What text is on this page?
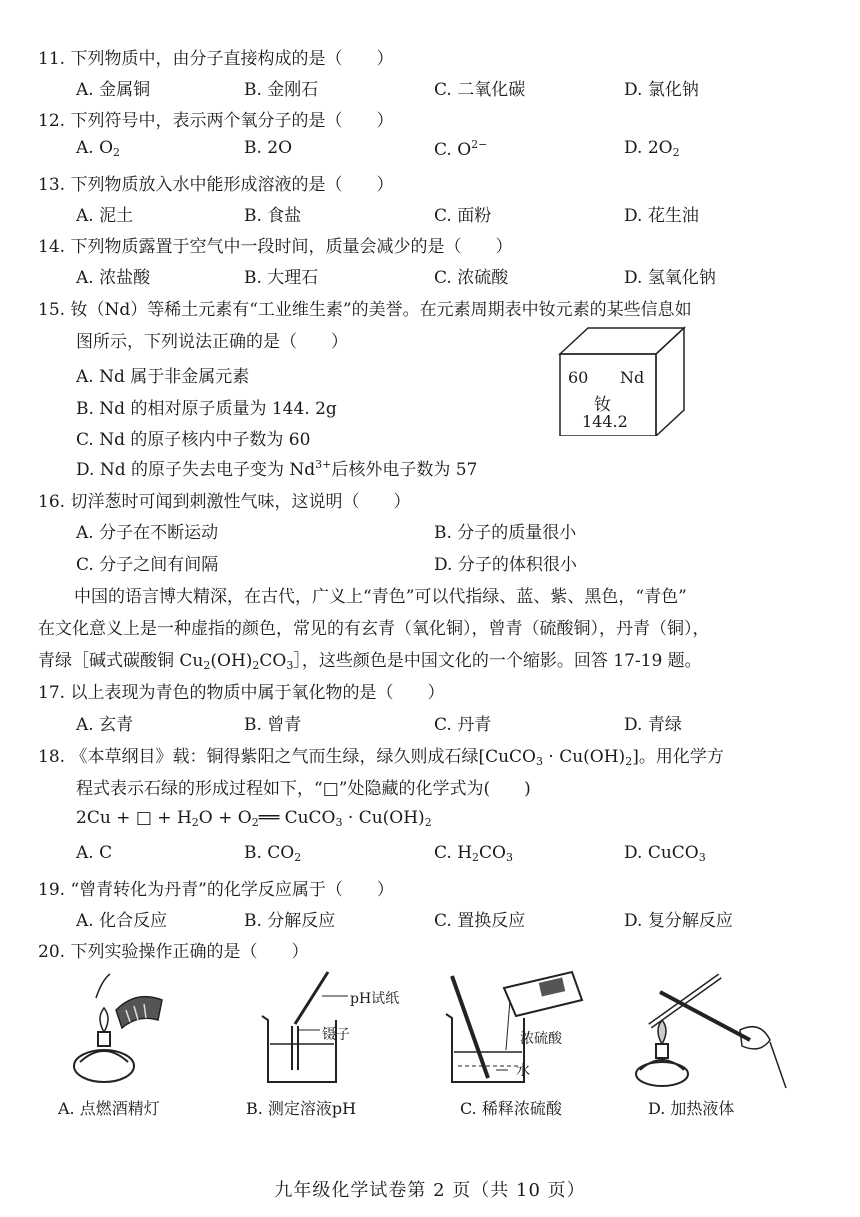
11. 下列物质中，由分子直接构成的是（　　）
A. 金属铜	B. 金刚石	C. 二氧化碳	D. 氯化钠
12. 下列符号中，表示两个氧分子的是（　　）
A. $O_2$	B. 2O	C. $O^{2-}$	D. $2O_2$
13. 下列物质放入水中能形成溶液的是（　　）
A. 泥土	B. 食盐	C. 面粉	D. 花生油
14. 下列物质露置于空气中一段时间，质量会减少的是（　　）
A. 浓盐酸	B. 大理石	C. 浓硫酸	D. 氢氧化钠
15. 钕（Nd）等稀土元素有“工业维生素”的美誉。在元素周期表中钕元素的某些信息如
图所示，下列说法正确的是（　　）
A. Nd 属于非金属元素
B. Nd 的相对原子质量为 144. 2g
C. Nd 的原子核内中子数为 60
D. Nd 的原子失去电子变为 $Nd^{3+}$后核外电子数为 57
60 Nd
钕
144.2
16. 切洋葱时可闻到刺激性气味，这说明（　　）
A. 分子在不断运动	B. 分子的质量很小
C. 分子之间有间隔	D. 分子的体积很小
中国的语言博大精深，在古代，广义上“青色”可以代指绿、蓝、紫、黑色，“青色”
在文化意义上是一种虚指的颜色，常见的有玄青（氧化铜），曾青（硫酸铜），丹青（铜），
青绿［碱式碳酸铜 $Cu_2(OH)_2CO_3]$，这些颜色是中国文化的一个缩影。回答 17-19 题。
17. 以上表现为青色的物质中属于氧化物的是（　　）
A. 玄青	B. 曾青	C. 丹青	D. 青绿
18. 《本草纲目》载：铜得紫阳之气而生绿，绿久则成石绿[CuCO$_3$ · $Cu(OH)_2$]。用化学方
程式表示石绿的形成过程如下，“□”处隐藏的化学式为(　　)
2Cu + □ + $H_2O$ + $O_2══$ CuCO$_3$ · $Cu(OH)_2$
A. C	B. $CO_2$	C. $H_2CO_3$	D. CuCO$_3$
19. “曾青转化为丹青”的化学反应属于（　　）
A. 化合反应	B. 分解反应	C. 置换反应	D. 复分解反应
20. 下列实验操作正确的是（　　）
pH试纸
镊子	浓硫酸
水
A. 点燃酒精灯	B. 测定溶液pH	C. 稀释浓硫酸	D. 加热液体
九年级化学试卷第 2 页（共 10 页）
